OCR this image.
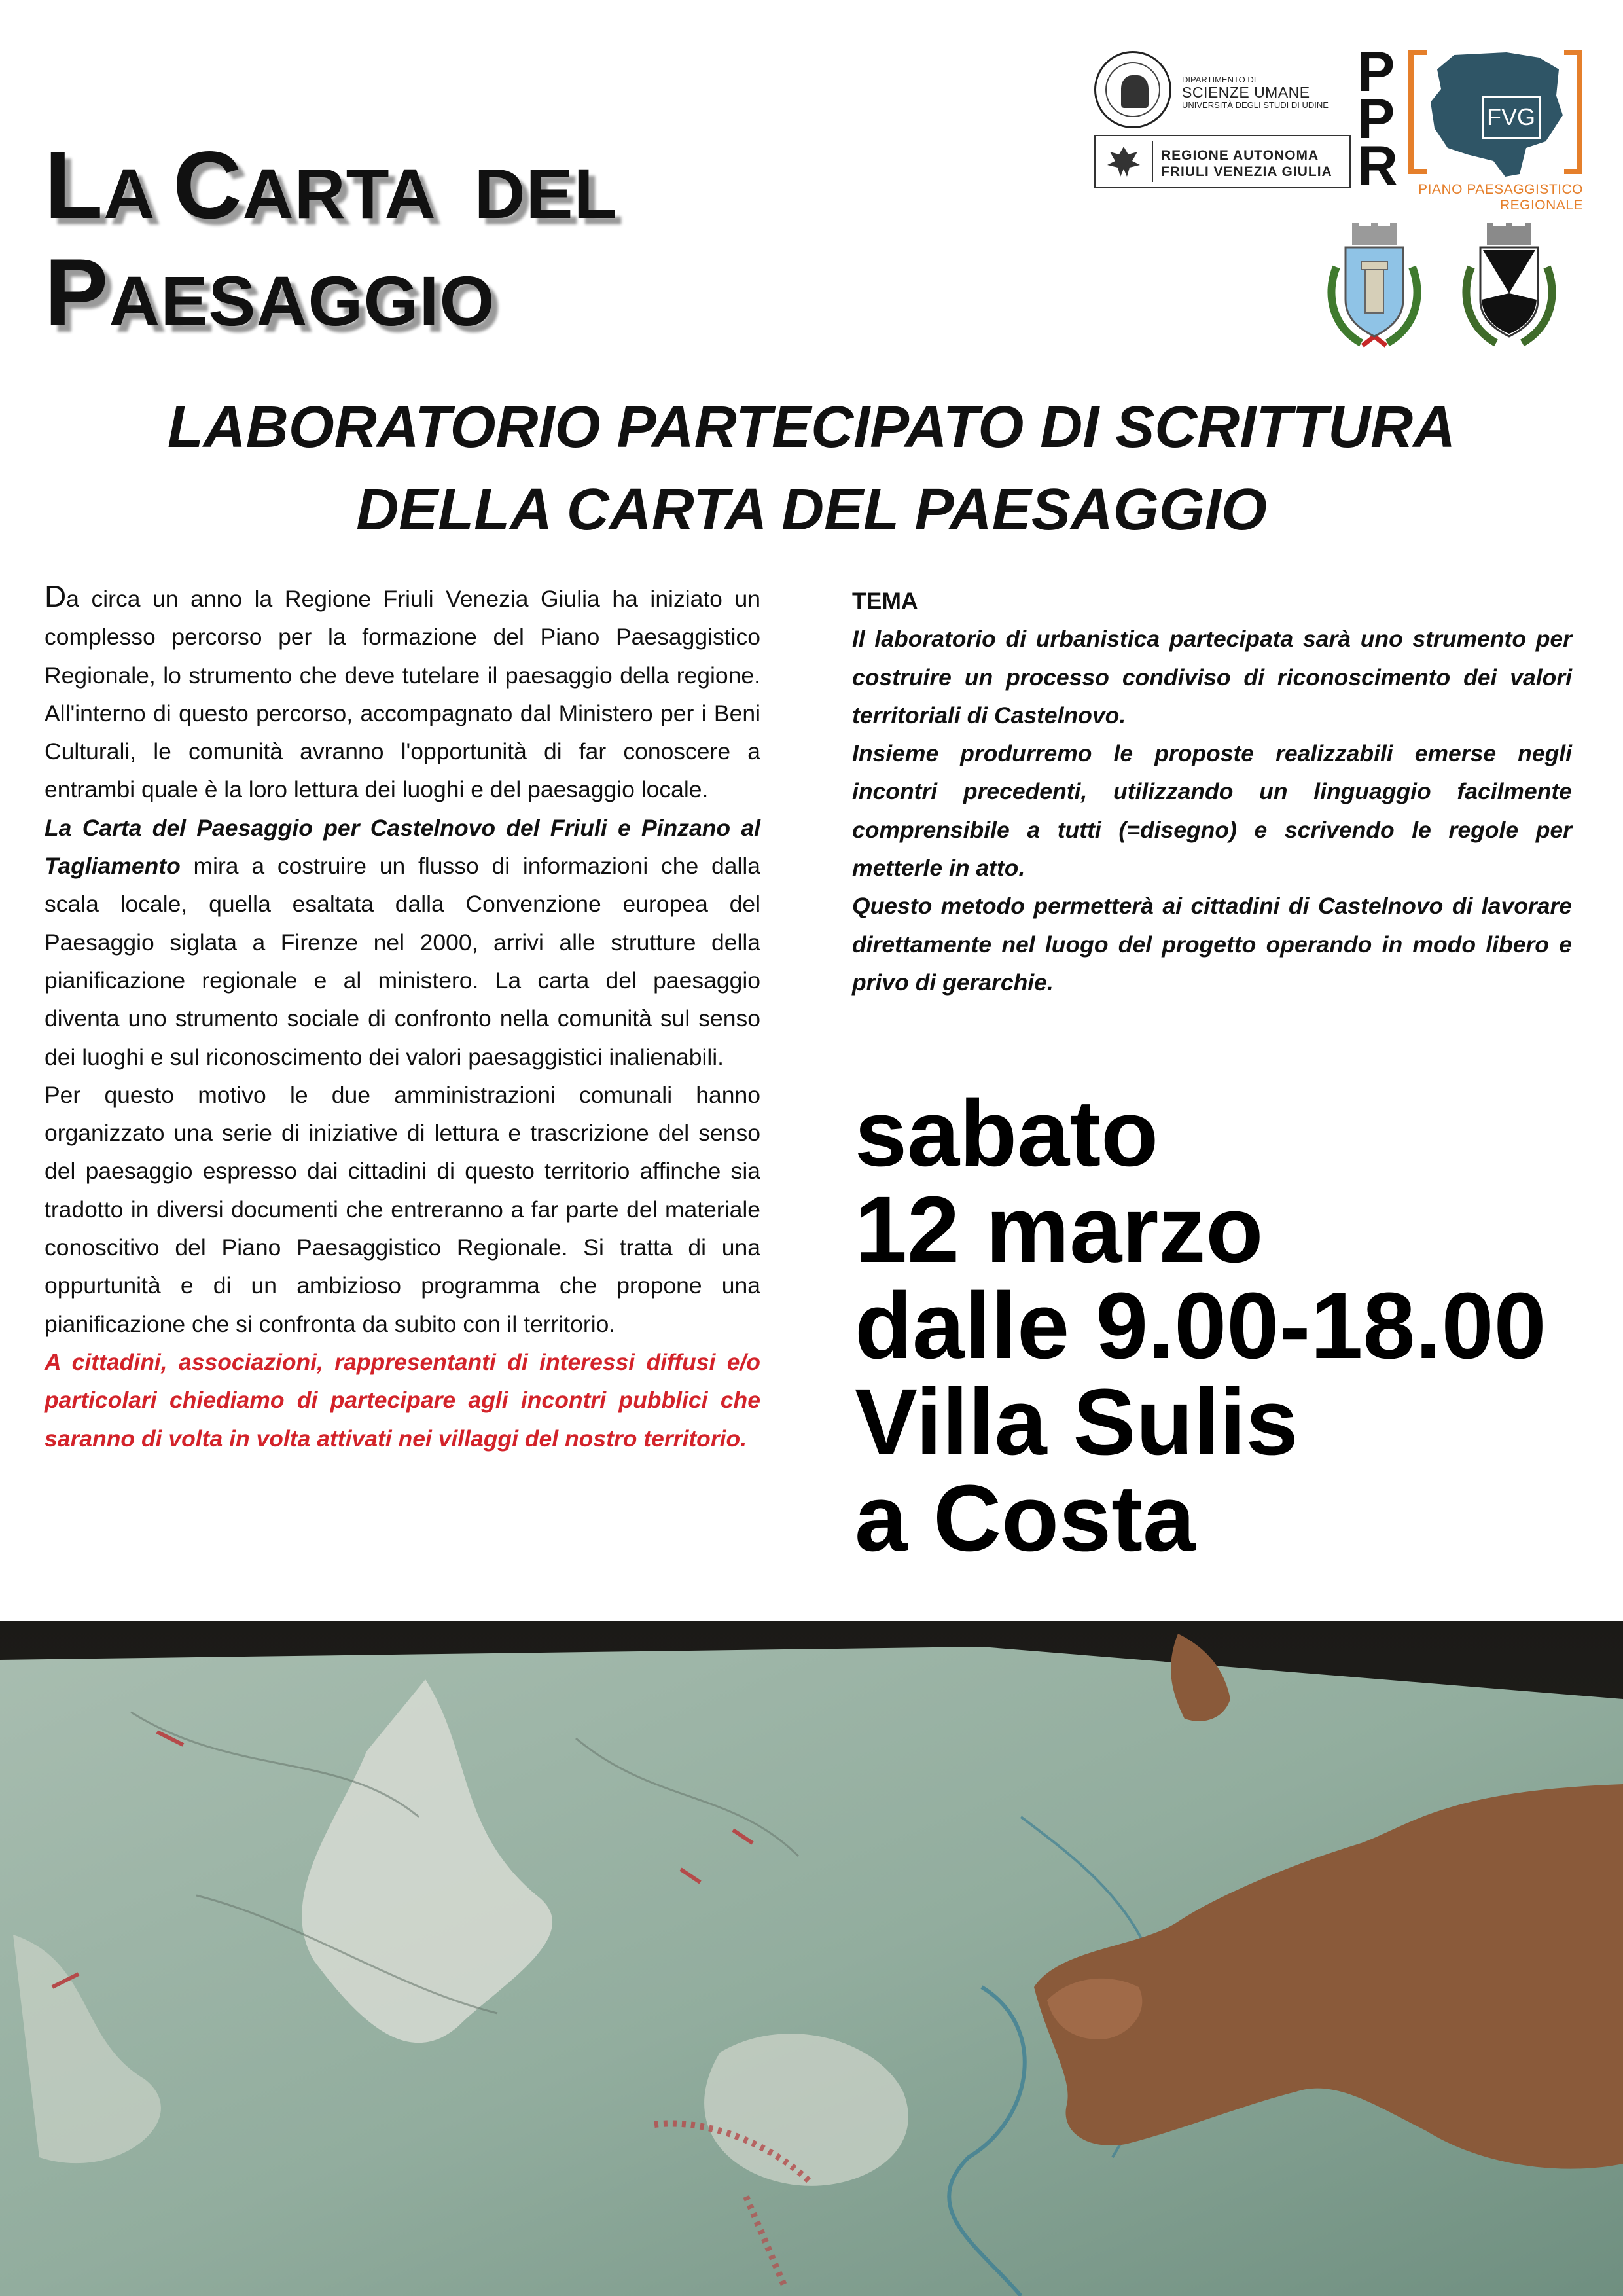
LA CARTA  DEL
PAESAGGIO
LABORATORIO PARTECIPATO DI SCRITTURA
DELLA CARTA DEL PAESAGGIO
DIPARTIMENTO DI
SCIENZE UMANE
UNIVERSITÀ DEGLI STUDI DI UDINE
REGIONE AUTONOMA
FRIULI VENEZIA GIULIA
P
P
R
FVG
PIANO PAESAGGISTICO REGIONALE

Da circa un anno la Regione Friuli Venezia Giulia ha iniziato un complesso percorso per la formazione del Piano Paesaggistico Regionale, lo strumento che deve tutelare il paesaggio della regione. All'interno di questo percorso, accompagnato dal Ministero per i Beni Culturali, le comunità avranno l'opportunità di far conoscere a entrambi quale è la loro lettura dei luoghi e del paesaggio locale.

La Carta del Paesaggio per Castelnovo del Friuli e Pinzano al Tagliamento mira a costruire un flusso di informazioni che dalla scala locale, quella esaltata dalla Convenzione europea del Paesaggio siglata a Firenze nel 2000, arrivi alle strutture della pianificazione regionale e al ministero. La carta del paesaggio diventa uno strumento sociale di confronto nella comunità sul senso dei luoghi e sul riconoscimento dei valori paesaggistici inalienabili.

Per questo motivo le due amministrazioni comunali hanno organizzato una serie di iniziative di lettura e trascrizione del senso del paesaggio espresso dai cittadini di questo territorio affinche sia tradotto in diversi documenti che entreranno a far parte del materiale conoscitivo del Piano Paesaggistico Regionale. Si tratta di una oppurtunità e di un ambizioso programma che propone una pianificazione che si confronta da subito con il territorio.

A cittadini, associazioni, rappresentanti di interessi diffusi e/o particolari chiediamo di partecipare agli incontri pubblici che saranno di volta in volta attivati nei villaggi del nostro territorio.

TEMA

Il laboratorio di urbanistica partecipata sarà uno strumento per costruire un processo condiviso di riconoscimento dei valori territoriali di Castelnovo.

Insieme produrremo le proposte realizzabili emerse negli incontri precedenti, utilizzando un linguaggio facilmente comprensibile a tutti (=disegno) e scrivendo le regole per metterle in atto.

Questo metodo permetterà ai cittadini di Castelnovo di lavorare direttamente nel luogo del progetto operando in modo libero e privo di gerarchie.

sabato
12 marzo
dalle 9.00-18.00
Villa Sulis
a Costa
